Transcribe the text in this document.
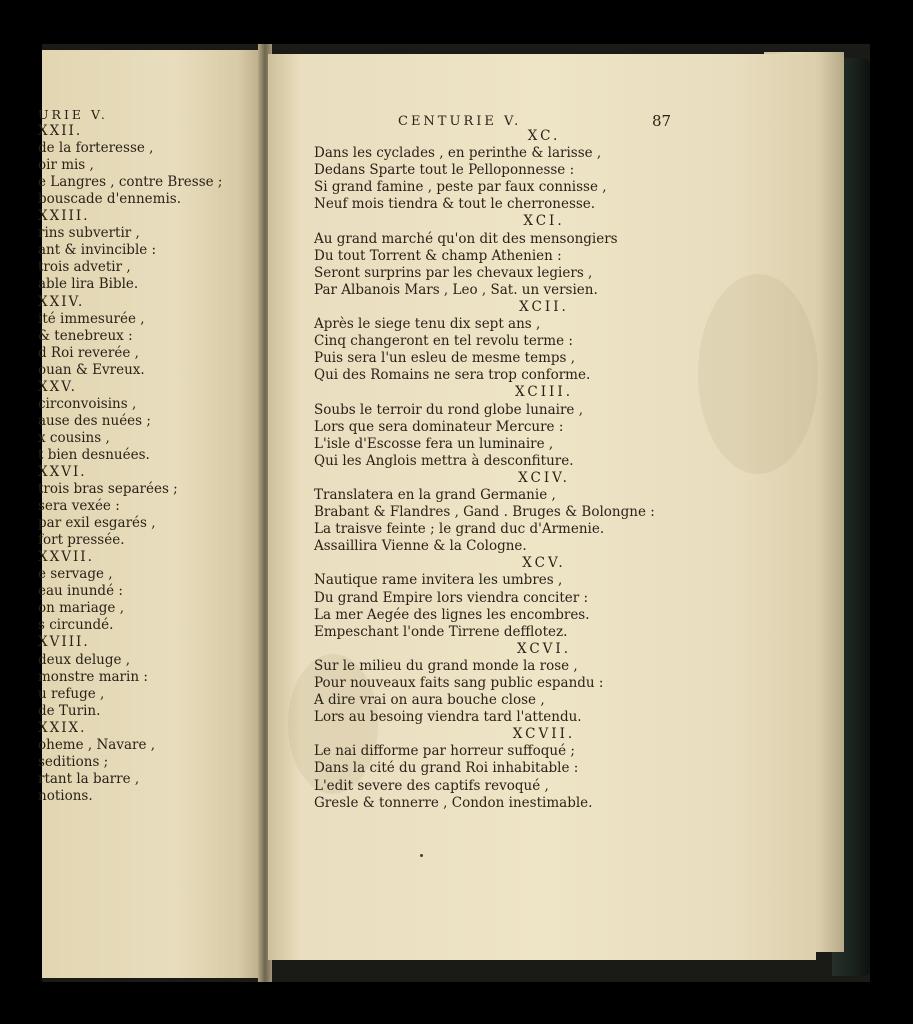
URIE V.
XXII.
de la forteresse ,
oir mis ,
e Langres , contre Bresse ;
bouscade d'ennemis.
XXIII.
rins subvertir ,
ant & invincible :
trois advetir ,
able lira Bible.
XXIV.
ité immesurée ,
& tenebreux :
d Roi reverée ,
ouan & Evreux.
XXV.
circonvoisins ,
ause des nuées ;
x cousins ,
t bien desnuées.
XXVI.
trois bras separées ;
sera vexée :
par exil esgarés ,
fort pressée.
XXVII.
e servage ,
eau inundé :
on mariage ,
s circundé.
XVIII.
deux deluge ,
monstre marin :
u refuge ,
de Turin.
XXIX.
oheme , Navare ,
seditions ;
rtant la barre ,
notions.
CENTURIE V.	87
XC.
Dans les cyclades , en perinthe & larisse ,
Dedans Sparte tout le Pelloponnesse :
Si grand famine , peste par faux connisse ,
Neuf mois tiendra & tout le cherronesse.
XCI.
Au grand marché qu'on dit des mensongiers
Du tout Torrent & champ Athenien :
Seront surprins par les chevaux legiers ,
Par Albanois Mars , Leo , Sat. un versien.
XCII.
Après le siege tenu dix sept ans ,
Cinq changeront en tel revolu terme :
Puis sera l'un esleu de mesme temps ,
Qui des Romains ne sera trop conforme.
XCIII.
Soubs le terroir du rond globe lunaire ,
Lors que sera dominateur Mercure :
L'isle d'Escosse fera un luminaire ,
Qui les Anglois mettra à desconfiture.
XCIV.
Translatera en la grand Germanie ,
Brabant & Flandres , Gand . Bruges & Bolongne :
La traisve feinte ; le grand duc d'Armenie.
Assaillira Vienne & la Cologne.
XCV.
Nautique rame invitera les umbres ,
Du grand Empire lors viendra conciter :
La mer Aegée des lignes les encombres.
Empeschant l'onde Tirrene defflotez.
XCVI.
Sur le milieu du grand monde la rose ,
Pour nouveaux faits sang public espandu :
A dire vrai on aura bouche close ,
Lors au besoing viendra tard l'attendu.
XCVII.
Le nai difforme par horreur suffoqué ;
Dans la cité du grand Roi inhabitable :
L'edit severe des captifs revoqué ,
Gresle & tonnerre , Condon inestimable.
